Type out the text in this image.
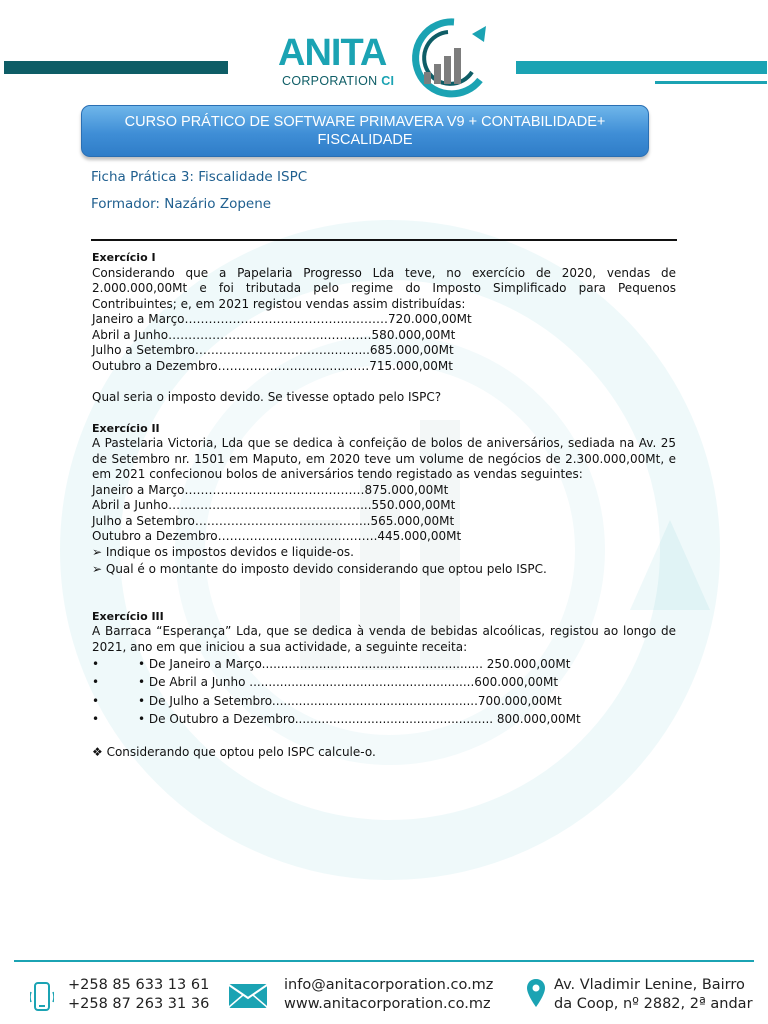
ANITA
CORPORATION CI
CURSO PRÁTICO DE SOFTWARE PRIMAVERA V9 + CONTABILIDADE+ FISCALIDADE
Ficha Prática 3: Fiscalidade ISPC
Formador: Nazário Zopene

Exercício I

Considerando que a Papelaria Progresso Lda teve, no exercício de 2020, vendas de 2.000.000,00Mt e foi tributada pelo regime do Imposto Simplificado para Pequenos Contribuintes; e, em 2021 registou vendas assim distribuídas:

Janeiro a Março…………………………………...………720.000,00Mt

Abril a Junho………………………………...…………580.000,00Mt

Julho a Setembro……………………………..……...685.000,00Mt

Outubro a Dezembro……………………….……….715.000,00Mt

Qual seria o imposto devido. Se tivesse optado pelo ISPC?

Exercício II

A Pastelaria Victoria, Lda que se dedica à confeição de bolos de aniversários, sediada na Av. 25 de Setembro nr. 1501 em Maputo, em 2020 teve um volume de negócios de 2.300.000,00Mt, e em 2021 confecionou bolos de aniversários tendo registado as vendas seguintes:

Janeiro a Março………………………………………875.000,00Mt

Abril a Junho…………………………………………...550.000,00Mt

Julho a Setembro……………………………………..565.000,00Mt

Outubro a Dezembro………………………………….445.000,00Mt

➢ Indique os impostos devidos e liquide-os.

➢ Qual é o montante do imposto devido considerando que optou pelo ISPC.

Exercício III

A Barraca “Esperança” Lda, que se dedica à venda de bebidas alcoólicas, registou ao longo de 2021, ano em que iniciou a sua actividade, a seguinte receita:

•	• De Janeiro a Março.......................................................... 250.000,00Mt
•	• De Abril a Junho ...........................................................600.000,00Mt
•	• De Julho a Setembro......................................................700.000,00Mt
•	• De Outubro a Dezembro.................................................... 800.000,00Mt

❖ Considerando que optou pelo ISPC calcule-o.

+258 85 633 13 61
+258 87 263 31 36
info@anitacorporation.co.mz
www.anitacorporation.co.mz
Av. Vladimir Lenine, Bairro
da Coop, nº 2882, 2ª andar
